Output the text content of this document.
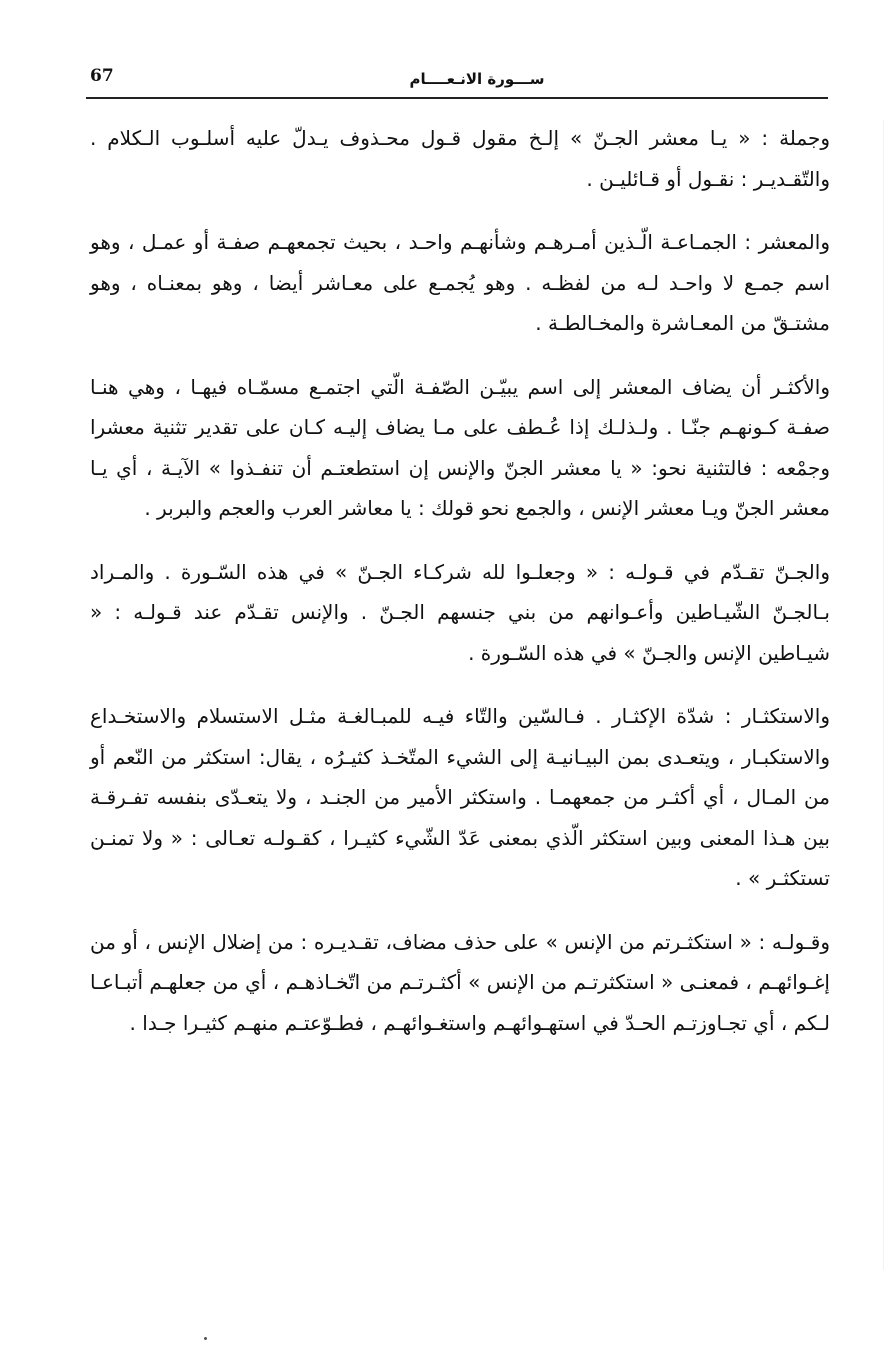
67	ســـورة الانـعــــام

وجملة : « يـا معشر الجـنّ » إلـخ مقول قـول محـذوف يـدلّ عليه أسلـوب الـكلام . والتّقـديـر : نقـول أو قـائليـن .

والمعشر : الجمـاعـة الّـذين أمـرهـم وشأنهـم واحـد ، بحيث تجمعهـم صفـة أو عمـل ، وهو اسم جمـع لا واحـد لـه من لفظـه . وهو يُجمـع على معـاشر أيضا ، وهو بمعنـاه ، وهو مشتـقّ من المعـاشرة والمخـالطـة .

والأكثـر أن يضاف المعشر إلى اسم يبيّـن الصّفـة الّتي اجتمـع مسمّـاه فيهـا ، وهي هنـا صفـة كـونهـم جنّـا . ولـذلـك إذا عُـطف على مـا يضاف إليـه كـان على تقدير تثنية معشرا وجمْعه : فالتثنية نحو: « يا معشر الجنّ والإنس إن استطعتـم أن تنفـذوا » الآيـة ، أي يـا معشر الجنّ ويـا معشر الإنس ، والجمع نحو قولك : يا معاشر العرب والعجم والبربر .

والجـنّ تقـدّم في قـولـه : « وجعلـوا لله شركـاء الجـنّ » في هذه السّـورة . والمـراد بـالجـنّ الشّيـاطين وأعـوانهم من بني جنسهم الجـنّ . والإنس تقـدّم عند قـولـه : « شيـاطين الإنس والجـنّ » في هذه السّـورة .

والاستكثـار : شدّة الإكثـار . فـالسّين والتّاء فيـه للمبـالغـة مثـل الاستسلام والاستخـداع والاستكبـار ، ويتعـدى بمن البيـانيـة إلى الشيء المتّخـذ كثيـرُه ، يقال: استكثر من النّعم أو من المـال ، أي أكثـر من جمعهمـا . واستكثر الأمير من الجنـد ، ولا يتعـدّى بنفسه تفـرقـة بين هـذا المعنى وبين استكثر الّذي بمعنى عَدّ الشّيء كثيـرا ، كقـولـه تعـالى : « ولا تمنـن تستكثـر » .

وقـولـه : « استكثـرتم من الإنس » على حذف مضاف، تقـديـره : من إضلال الإنس ، أو من إغـوائهـم ، فمعنـى « استكثرتـم من الإنس » أكثـرتـم من اتّخـاذهـم ، أي من جعلهـم أتبـاعـا لـكم ، أي تجـاوزتـم الحـدّ في استهـوائهـم واستغـوائهـم ، فطـوّعتـم منهـم كثيـرا جـدا .
